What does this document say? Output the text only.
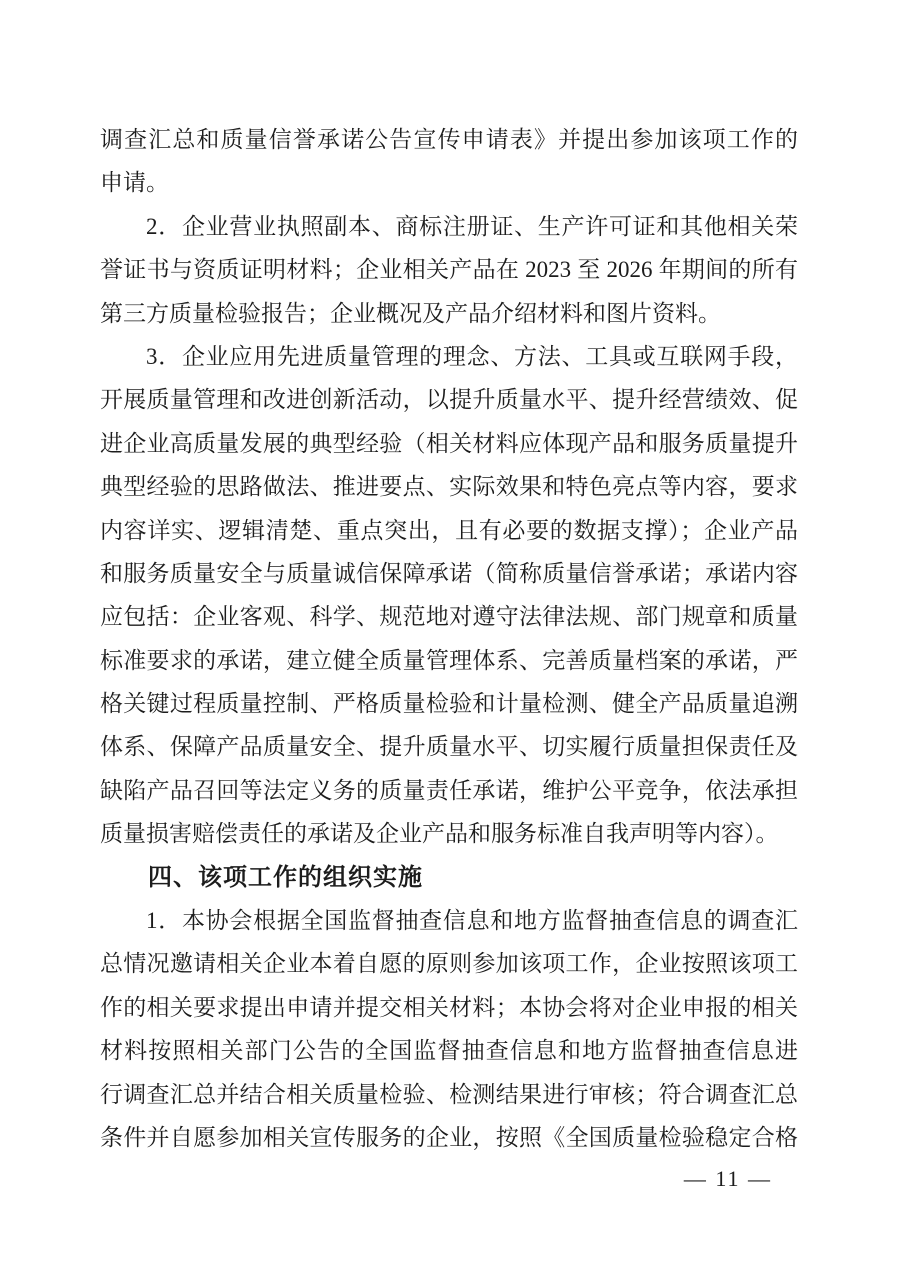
调查汇总和质量信誉承诺公告宣传申请表》并提出参加该项工作的
申请。
2．企业营业执照副本、商标注册证、生产许可证和其他相关荣
誉证书与资质证明材料；企业相关产品在 2023 至 2026 年期间的所有
第三方质量检验报告；企业概况及产品介绍材料和图片资料。
3．企业应用先进质量管理的理念、方法、工具或互联网手段，
开展质量管理和改进创新活动，以提升质量水平、提升经营绩效、促
进企业高质量发展的典型经验（相关材料应体现产品和服务质量提升
典型经验的思路做法、推进要点、实际效果和特色亮点等内容，要求
内容详实、逻辑清楚、重点突出，且有必要的数据支撑）；企业产品
和服务质量安全与质量诚信保障承诺（简称质量信誉承诺；承诺内容
应包括：企业客观、科学、规范地对遵守法律法规、部门规章和质量
标准要求的承诺，建立健全质量管理体系、完善质量档案的承诺，严
格关键过程质量控制、严格质量检验和计量检测、健全产品质量追溯
体系、保障产品质量安全、提升质量水平、切实履行质量担保责任及
缺陷产品召回等法定义务的质量责任承诺，维护公平竞争，依法承担
质量损害赔偿责任的承诺及企业产品和服务标准自我声明等内容）。
四、该项工作的组织实施
1．本协会根据全国监督抽查信息和地方监督抽查信息的调查汇
总情况邀请相关企业本着自愿的原则参加该项工作，企业按照该项工
作的相关要求提出申请并提交相关材料；本协会将对企业申报的相关
材料按照相关部门公告的全国监督抽查信息和地方监督抽查信息进
行调查汇总并结合相关质量检验、检测结果进行审核；符合调查汇总
条件并自愿参加相关宣传服务的企业，按照《全国质量检验稳定合格
— 11 —
